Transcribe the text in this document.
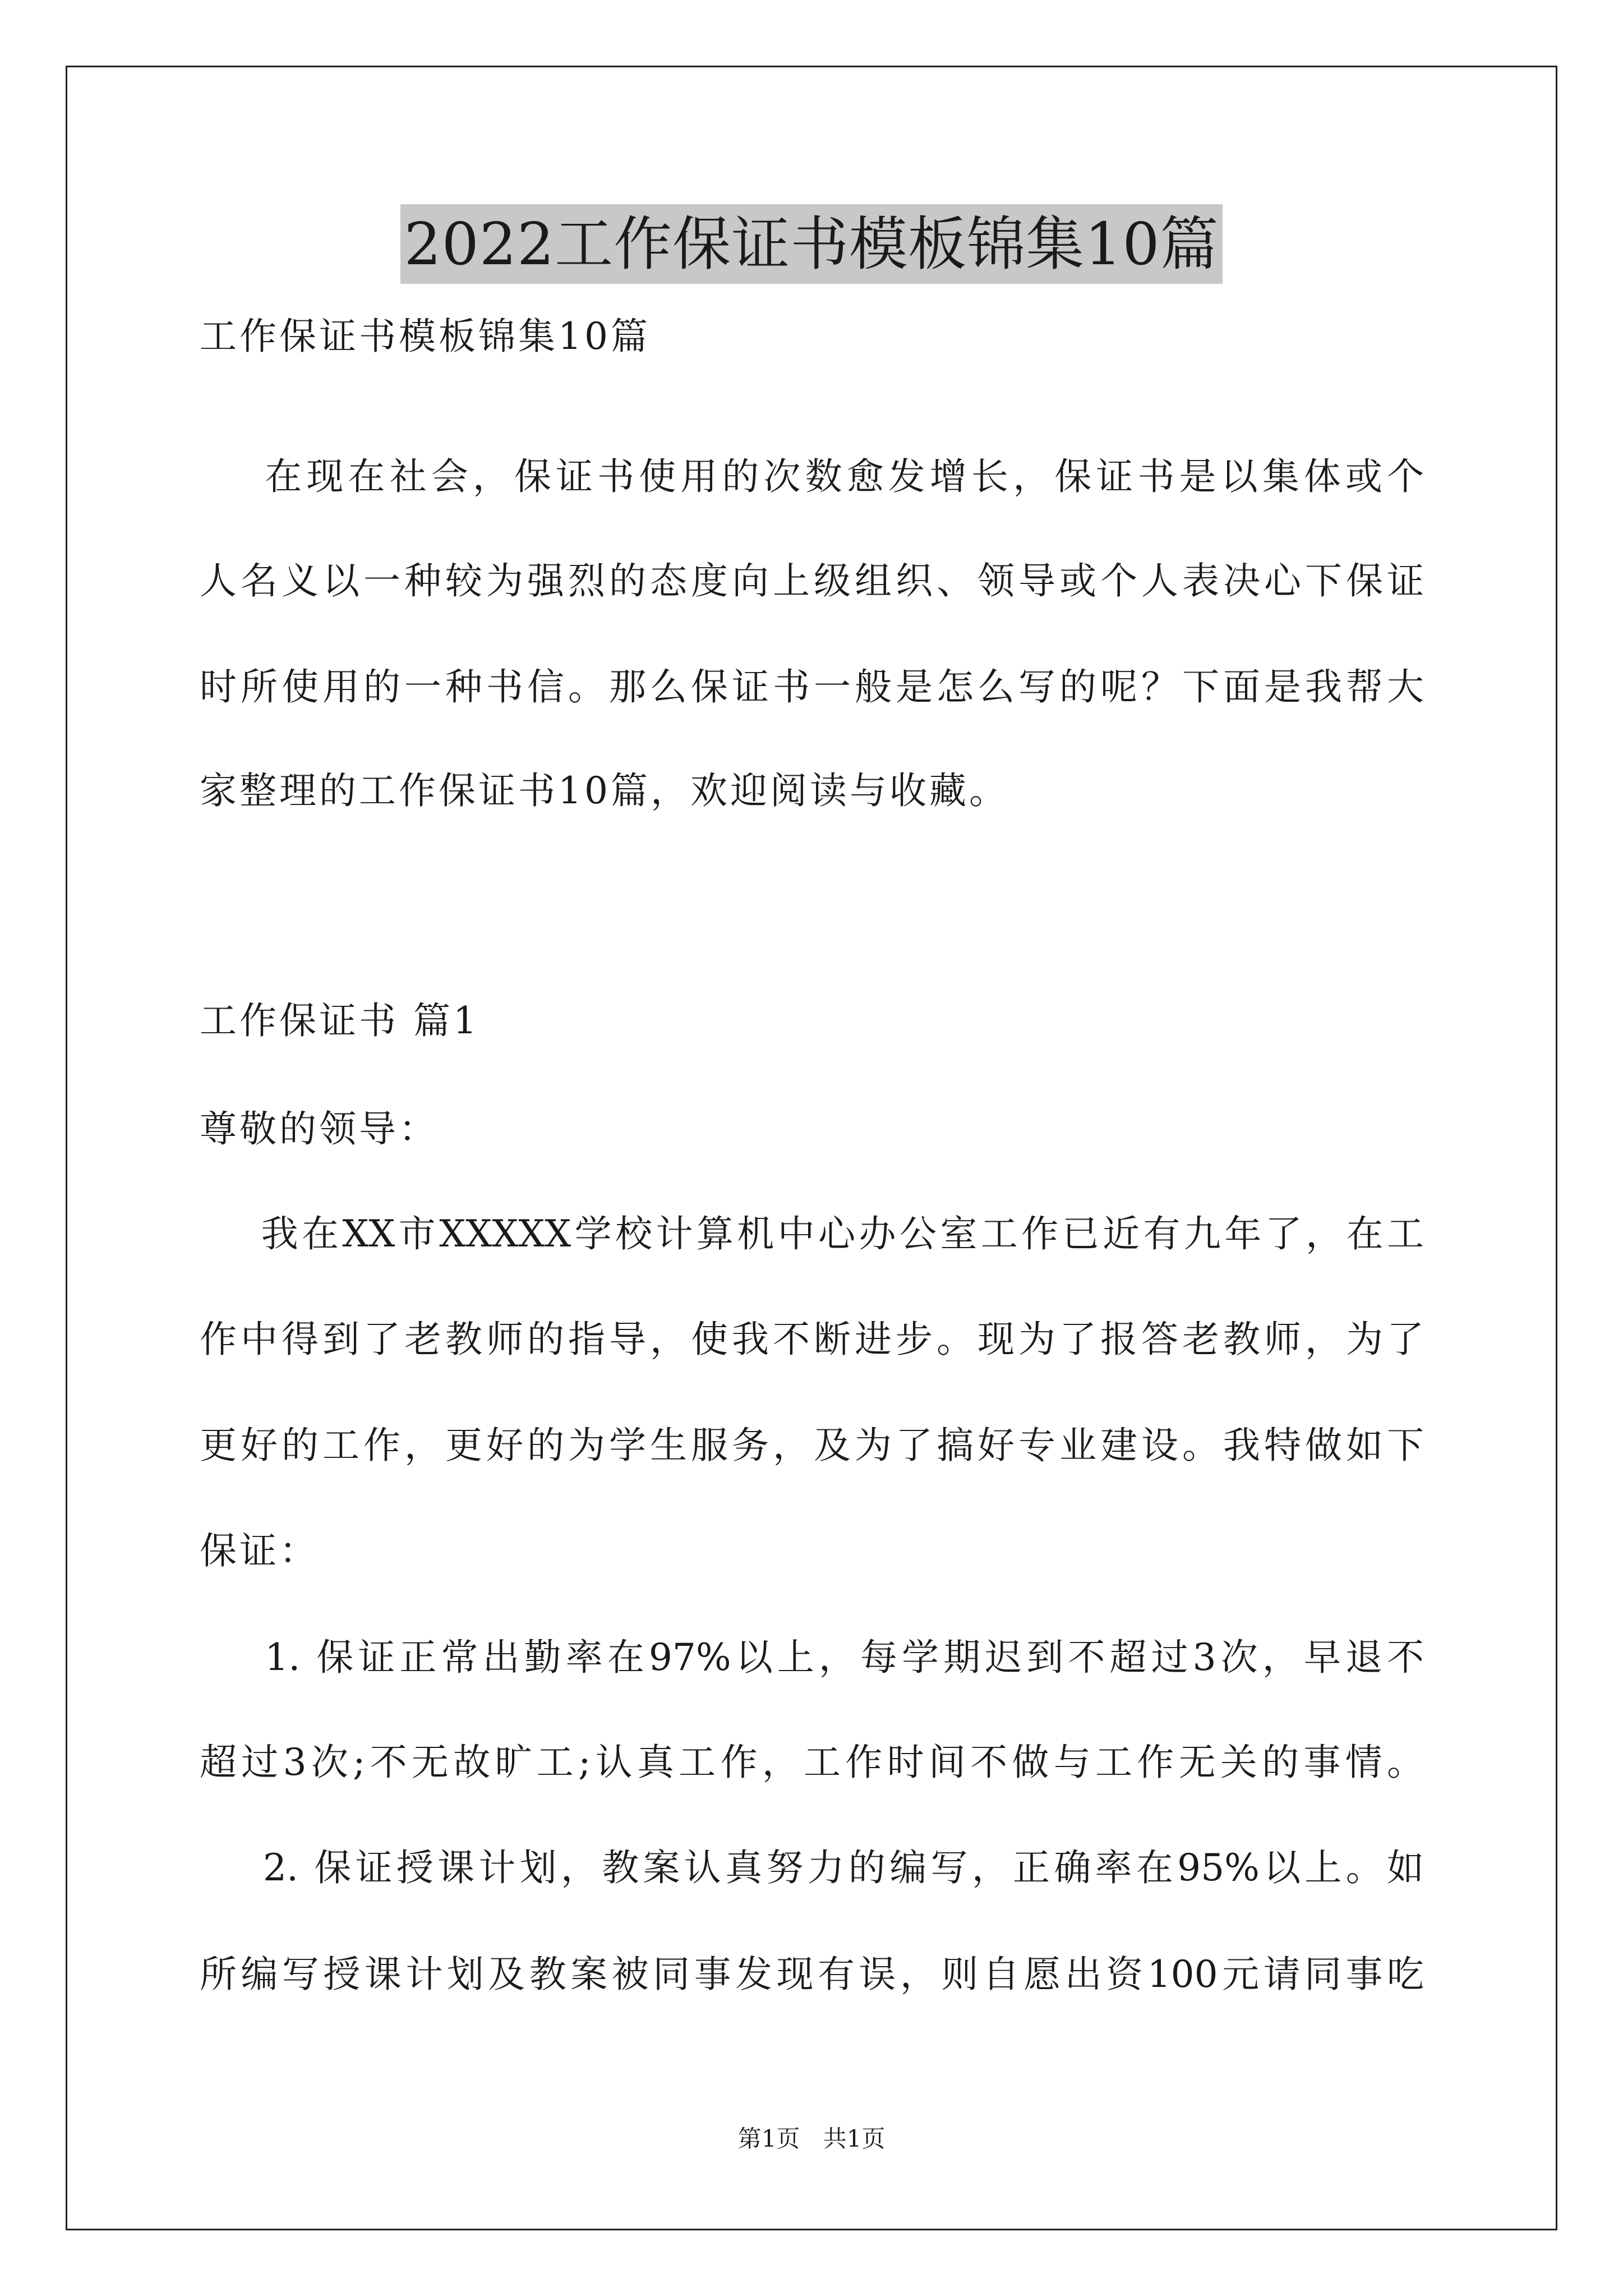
2022工作保证书模板锦集10篇
工作保证书模板锦集10篇
在现在社会，保证书使用的次数愈发增长，保证书是以集体或个
人名义以一种较为强烈的态度向上级组织、领导或个人表决心下保证
时所使用的一种书信。那么保证书一般是怎么写的呢？下面是我帮大
家整理的工作保证书10篇，欢迎阅读与收藏。
工作保证书 篇1
尊敬的领导：
我在XX市XXXXX学校计算机中心办公室工作已近有九年了，在工
作中得到了老教师的指导，使我不断进步。现为了报答老教师，为了
更好的工作，更好的为学生服务，及为了搞好专业建设。我特做如下
保证：
1. 保证正常出勤率在97%以上，每学期迟到不超过3次，早退不
超过3次;不无故旷工;认真工作，工作时间不做与工作无关的事情。
2. 保证授课计划，教案认真努力的编写，正确率在95%以上。如
所编写授课计划及教案被同事发现有误，则自愿出资100元请同事吃
第1页 共1页
